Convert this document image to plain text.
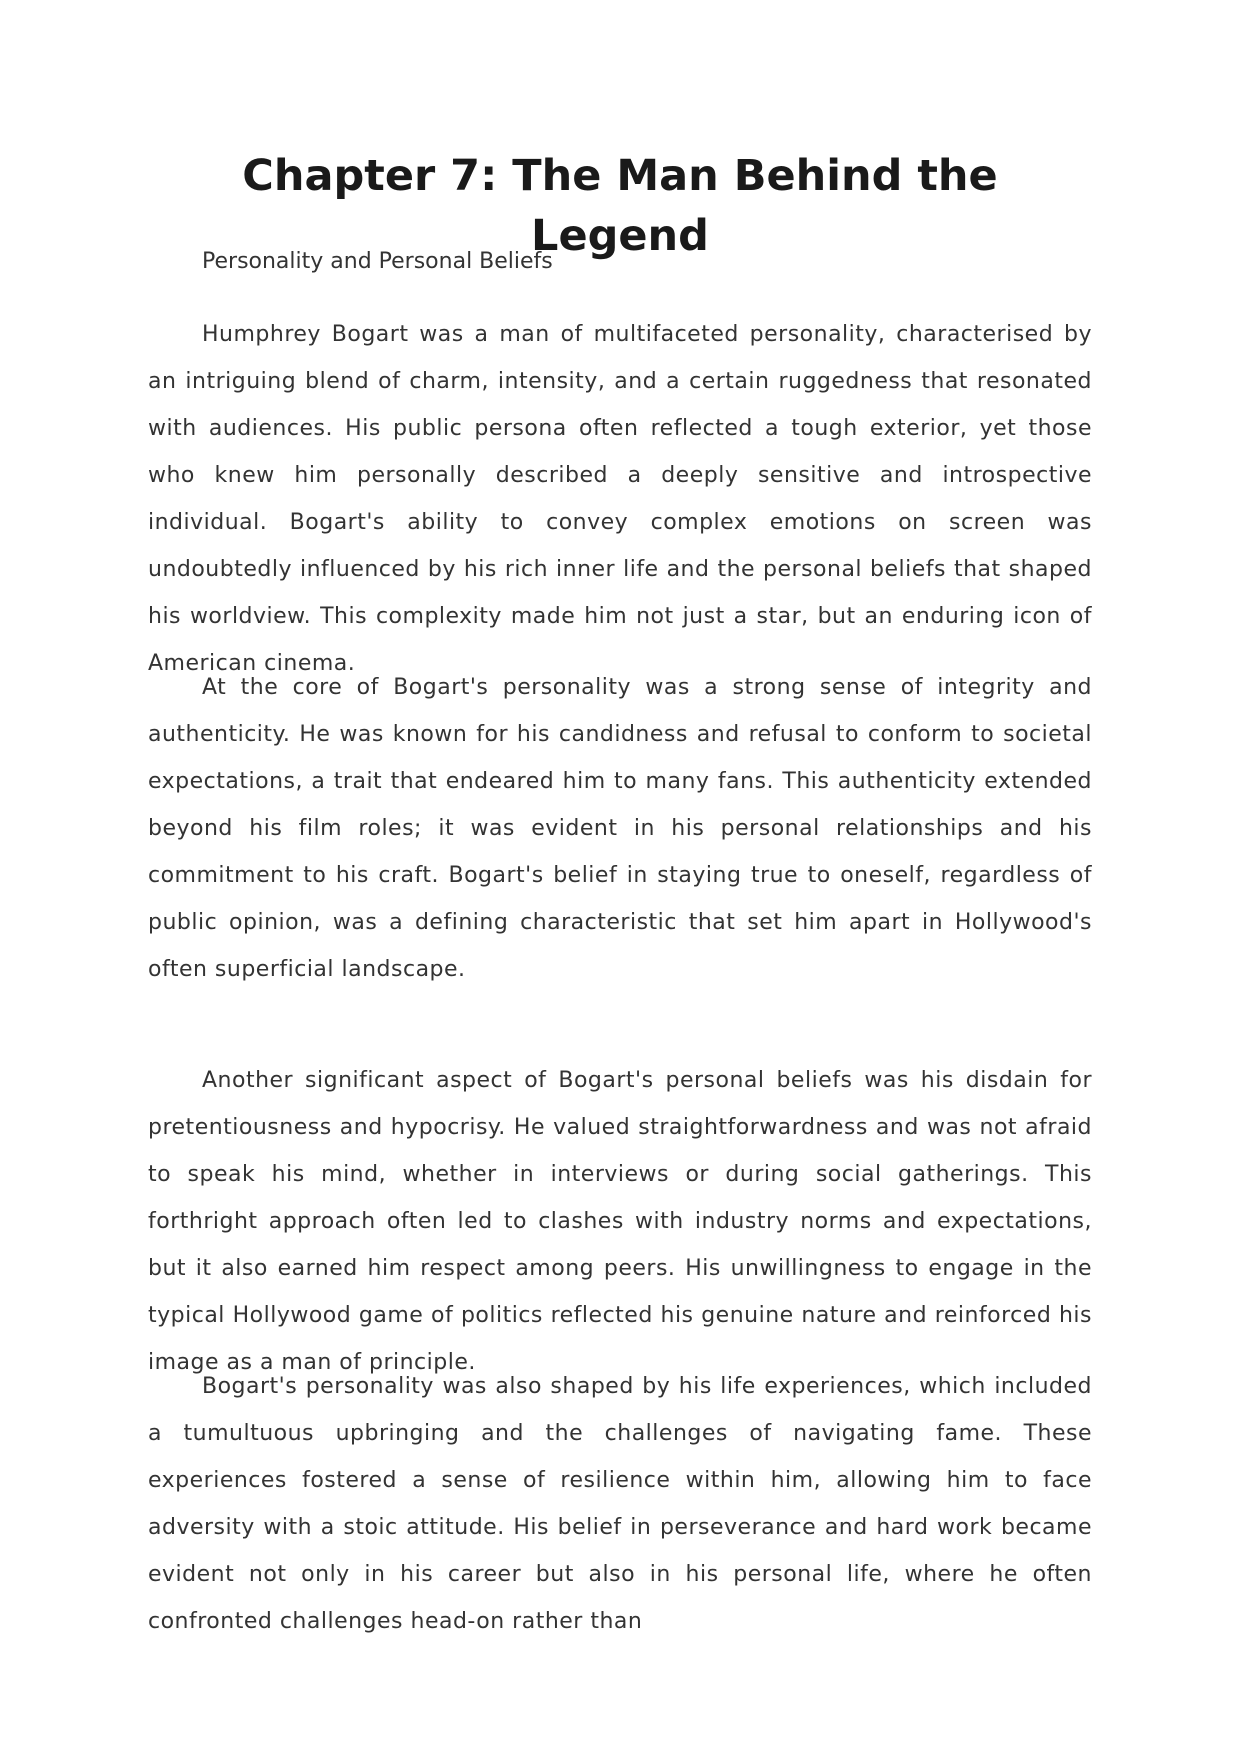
Chapter 7: The Man Behind the Legend

Personality and Personal Beliefs

Humphrey Bogart was a man of multifaceted personality, characterised by an intriguing blend of charm, intensity, and a certain ruggedness that resonated with audiences. His public persona often reflected a tough exterior, yet those who knew him personally described a deeply sensitive and introspective individual. Bogart's ability to convey complex emotions on screen was undoubtedly influenced by his rich inner life and the personal beliefs that shaped his worldview. This complexity made him not just a star, but an enduring icon of American cinema.

At the core of Bogart's personality was a strong sense of integrity and authenticity. He was known for his candidness and refusal to conform to societal expectations, a trait that endeared him to many fans. This authenticity extended beyond his film roles; it was evident in his personal relationships and his commitment to his craft. Bogart's belief in staying true to oneself, regardless of public opinion, was a defining characteristic that set him apart in Hollywood's often superficial landscape.

Another significant aspect of Bogart's personal beliefs was his disdain for pretentiousness and hypocrisy. He valued straightforwardness and was not afraid to speak his mind, whether in interviews or during social gatherings. This forthright approach often led to clashes with industry norms and expectations, but it also earned him respect among peers. His unwillingness to engage in the typical Hollywood game of politics reflected his genuine nature and reinforced his image as a man of principle.

Bogart's personality was also shaped by his life experiences, which included a tumultuous upbringing and the challenges of navigating fame. These experiences fostered a sense of resilience within him, allowing him to face adversity with a stoic attitude. His belief in perseverance and hard work became evident not only in his career but also in his personal life, where he often confronted challenges head-on rather than
